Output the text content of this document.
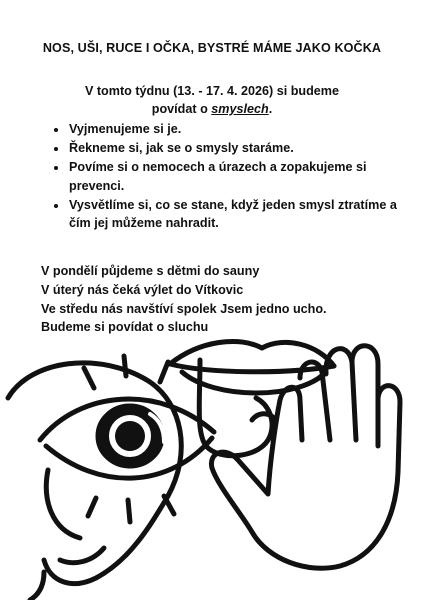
NOS, UŠI, RUCE I OČKA, BYSTRÉ MÁME JAKO KOČKA
V tomto týdnu (13. - 17. 4. 2026) si budeme
povídat o smyslech.
• Vyjmenujeme si je.
• Řekneme si, jak se o smysly staráme.
• Povíme si o nemocech a úrazech a zopakujeme si prevenci.
• Vysvětlíme si, co se stane, když jeden smysl ztratíme a čím jej můžeme nahradit.
V pondělí půjdeme s dětmi do sauny
V úterý nás čeká výlet do Vítkovic
Ve středu nás navštíví spolek Jsem jedno ucho.
Budeme si povídat o sluchu
